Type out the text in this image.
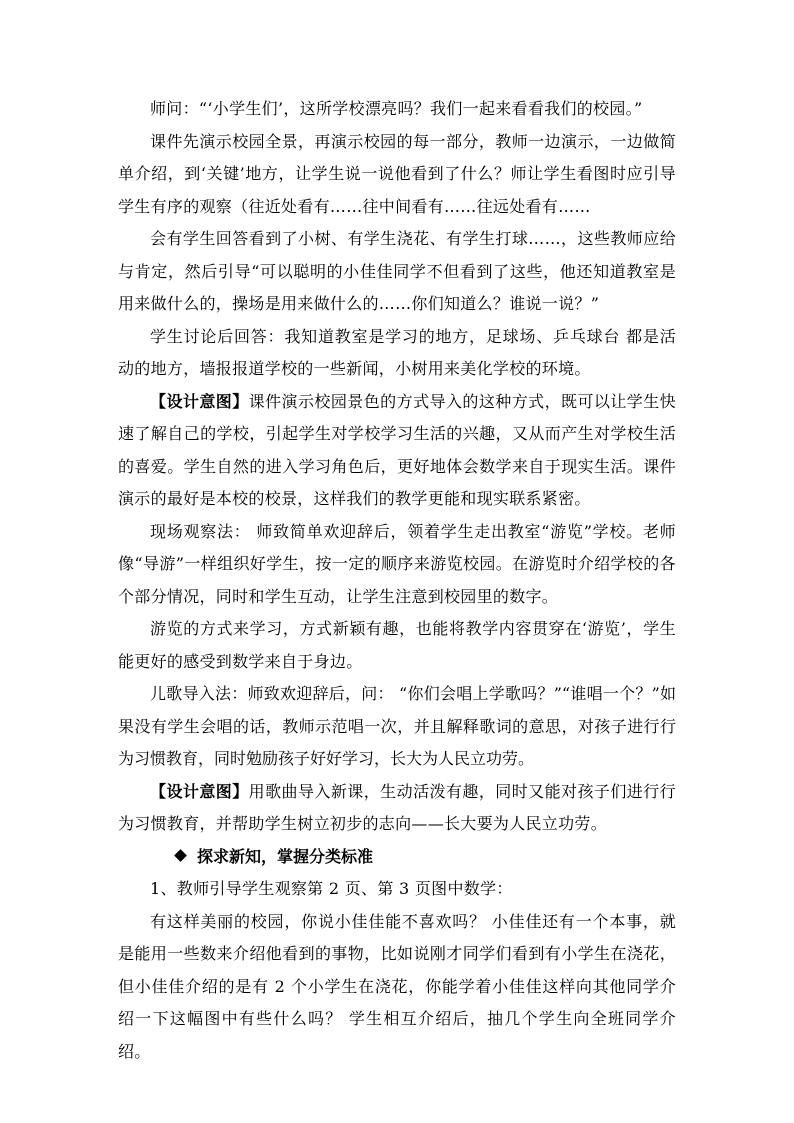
师问：“‘小学生们’，这所学校漂亮吗？我们一起来看看我们的校园。”

课件先演示校园全景，再演示校园的每一部分，教师一边演示，一边做简单介绍，到‘关键’地方，让学生说一说他看到了什么？师让学生看图时应引导学生有序的观察（往近处看有……往中间看有……往远处看有……

会有学生回答看到了小树、有学生浇花、有学生打球……，这些教师应给与肯定，然后引导“可以聪明的小佳佳同学不但看到了这些，他还知道教室是用来做什么的，操场是用来做什么的……你们知道么？谁说一说？”

学生讨论后回答：我知道教室是学习的地方，足球场、乒乓球台 都是活动的地方，墙报报道学校的一些新闻，小树用来美化学校的环境。

【设计意图】课件演示校园景色的方式导入的这种方式，既可以让学生快速了解自己的学校，引起学生对学校学习生活的兴趣，又从而产生对学校生活的喜爱。学生自然的进入学习角色后，更好地体会数学来自于现实生活。课件演示的最好是本校的校景，这样我们的教学更能和现实联系紧密。

现场观察法： 师致简单欢迎辞后，领着学生走出教室“游览”学校。老师像“导游”一样组织好学生，按一定的顺序来游览校园。在游览时介绍学校的各个部分情况，同时和学生互动，让学生注意到校园里的数字。

游览的方式来学习，方式新颖有趣，也能将教学内容贯穿在‘游览’，学生能更好的感受到数学来自于身边。

儿歌导入法：师致欢迎辞后，问： “你们会唱上学歌吗？”“谁唱一个？”如果没有学生会唱的话，教师示范唱一次，并且解释歌词的意思，对孩子进行行为习惯教育，同时勉励孩子好好学习，长大为人民立功劳。

【设计意图】用歌曲导入新课，生动活泼有趣，同时又能对孩子们进行行为习惯教育，并帮助学生树立初步的志向——长大要为人民立功劳。

探求新知，掌握分类标准

1、教师引导学生观察第 2 页、第 3 页图中数学：

有这样美丽的校园，你说小佳佳能不喜欢吗？ 小佳佳还有一个本事，就是能用一些数来介绍他看到的事物，比如说刚才同学们看到有小学生在浇花，但小佳佳介绍的是有 2 个小学生在浇花，你能学着小佳佳这样向其他同学介绍一下这幅图中有些什么吗？ 学生相互介绍后，抽几个学生向全班同学介绍。
